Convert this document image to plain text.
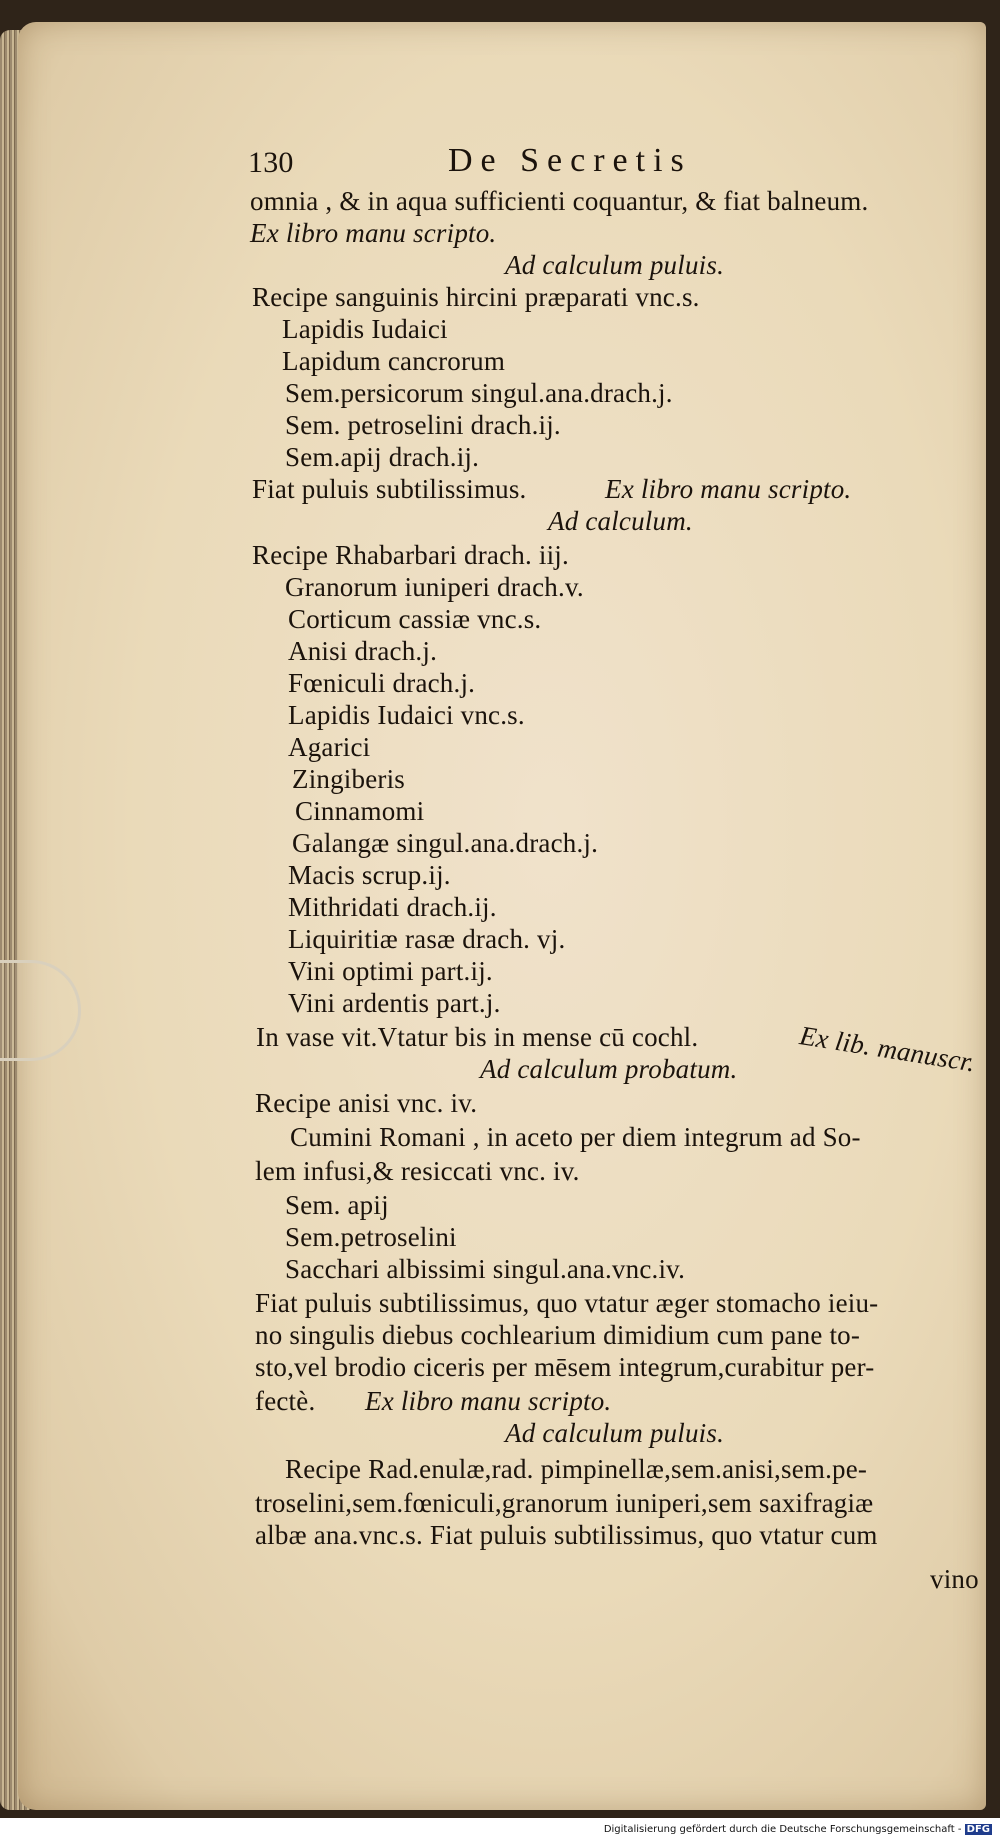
130	De Secretis
omnia , & in aqua sufficienti coquantur, & fiat balneum.
Ex libro manu scripto.
Ad calculum puluis.
Recipe sanguinis hircini præparati vnc.s.
Lapidis Iudaici
Lapidum cancrorum
Sem.persicorum singul.ana.drach.j.
Sem. petroselini drach.ij.
Sem.apij drach.ij.
Fiat puluis subtilissimus.	Ex libro manu scripto.
Ad calculum.
Recipe Rhabarbari drach. iij.
Granorum iuniperi drach.v.
Corticum cassiæ vnc.s.
Anisi drach.j.
Fœniculi drach.j.
Lapidis Iudaici vnc.s.
Agarici
Zingiberis
Cinnamomi
Galangæ singul.ana.drach.j.
Macis scrup.ij.
Mithridati drach.ij.
Liquiritiæ rasæ drach. vj.
Vini optimi part.ij.
Vini ardentis part.j.
In vase vit.Vtatur bis in mense cū cochl.	Ex lib. manuscr.
Ad calculum probatum.
Recipe anisi vnc. iv.
Cumini Romani , in aceto per diem integrum ad So-
lem infusi,& resiccati vnc. iv.
Sem. apij
Sem.petroselini
Sacchari albissimi singul.ana.vnc.iv.
Fiat puluis subtilissimus, quo vtatur æger stomacho ieiu-
no singulis diebus cochlearium dimidium cum pane to-
sto,vel brodio ciceris per mēsem integrum,curabitur per-
fectè. Ex libro manu scripto.
Ad calculum puluis.
Recipe Rad.enulæ,rad. pimpinellæ,sem.anisi,sem.pe-
troselini,sem.fœniculi,granorum iuniperi,sem saxifragiæ
albæ ana.vnc.s. Fiat puluis subtilissimus, quo vtatur cum
vino
Digitalisierung gefördert durch die Deutsche Forschungsgemeinschaft - DFG
